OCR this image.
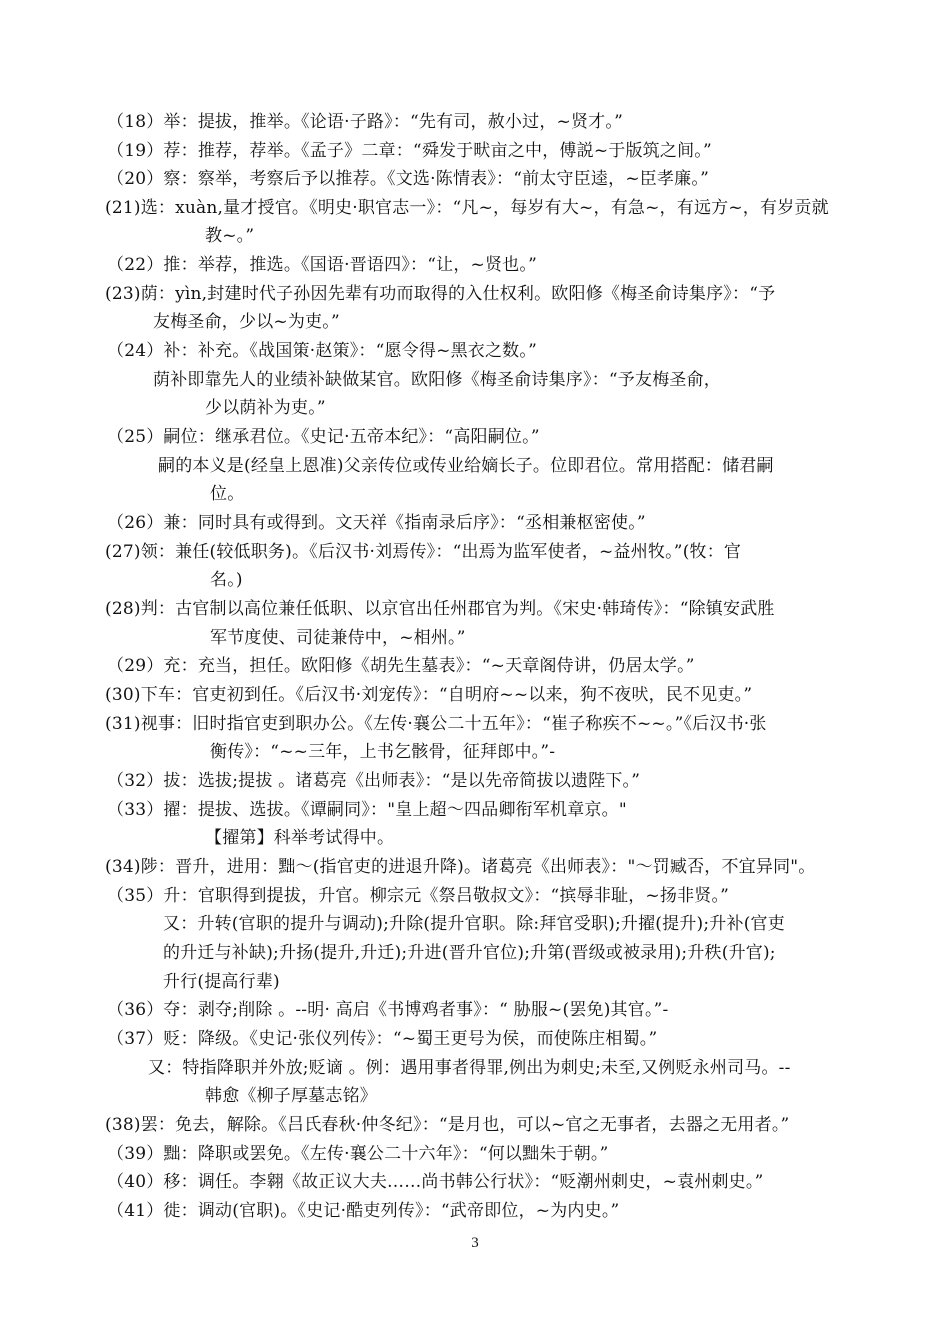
（18）举：提拔，推举。《论语·子路》：“先有司，赦小过，~贤才。”
（19）荐：推荐，荐举。《孟子》二章：“舜发于畎亩之中，傅説~于版筑之间。”
（20）察：察举，考察后予以推荐。《文选·陈情表》：“前太守臣逵，~臣孝廉。”
(21)选：xuàn,量才授官。《明史·职官志一》：“凡~，每岁有大~，有急~，有远方~，有岁贡就
教~。”
（22）推：举荐，推选。《国语·晋语四》：“让，~贤也。”
(23)荫：yìn,封建时代子孙因先辈有功而取得的入仕权利。欧阳修《梅圣俞诗集序》：“予
友梅圣俞，少以~为吏。”
（24）补：补充。《战国策·赵策》：“愿令得~黑衣之数。”
荫补即靠先人的业绩补缺做某官。欧阳修《梅圣俞诗集序》：“予友梅圣俞，
少以荫补为吏。”
（25）嗣位：继承君位。《史记·五帝本纪》：“高阳嗣位。”
嗣的本义是(经皇上恩准)父亲传位或传业给嫡长子。位即君位。常用搭配：储君嗣
位。
（26）兼：同时具有或得到。文天祥《指南录后序》：“丞相兼枢密使。”
(27)领：兼任(较低职务)。《后汉书·刘焉传》：“出焉为监军使者，~益州牧。”(牧：官
名。)
(28)判：古官制以高位兼任低职、以京官出任州郡官为判。《宋史·韩琦传》：“除镇安武胜
军节度使、司徒兼侍中，~相州。”
（29）充：充当，担任。欧阳修《胡先生墓表》：“~天章阁侍讲，仍居太学。”
(30)下车：官吏初到任。《后汉书·刘宠传》：“自明府~~以来，狗不夜吠，民不见吏。”
(31)视事：旧时指官吏到职办公。《左传·襄公二十五年》：“崔子称疾不~~。”《后汉书·张
衡传》：“~~三年，上书乞骸骨，征拜郎中。”-
（32）拔：选拔;提拔 。诸葛亮《出师表》：“是以先帝简拔以遗陛下。”
（33）擢：提拔、选拔。《谭嗣同》："皇上超～四品卿衔军机章京。"
【擢第】科举考试得中。
(34)陟：晋升，进用：黜～(指官吏的进退升降)。诸葛亮《出师表》："～罚臧否，不宜异同"。
（35）升：官职得到提拔，升官。柳宗元《祭吕敬叔文》：“摈辱非耻，~扬非贤。”
又：升转(官职的提升与调动);升除(提升官职。除:拜官受职);升擢(提升);升补(官吏
的升迁与补缺);升扬(提升,升迁);升进(晋升官位);升第(晋级或被录用);升秩(升官);
升行(提高行辈)
（36）夺：剥夺;削除 。--明· 高启《书博鸡者事》：“ 胁服~(罢免)其官。”-
（37）贬：降级。《史记·张仪列传》：“~蜀王更号为侯，而使陈庄相蜀。”
又：特指降职并外放;贬谪 。例：遇用事者得罪,例出为刺史;未至,又例贬永州司马。--
韩愈《柳子厚墓志铭》
(38)罢：免去，解除。《吕氏春秋·仲冬纪》：“是月也，可以~官之无事者，去器之无用者。”
（39）黜：降职或罢免。《左传·襄公二十六年》：“何以黜朱于朝。”
（40）移：调任。李翱《故正议大夫……尚书韩公行状》：“贬潮州刺史，~袁州刺史。”
（41）徙：调动(官职)。《史记·酷吏列传》：“武帝即位，~为内史。”
3
